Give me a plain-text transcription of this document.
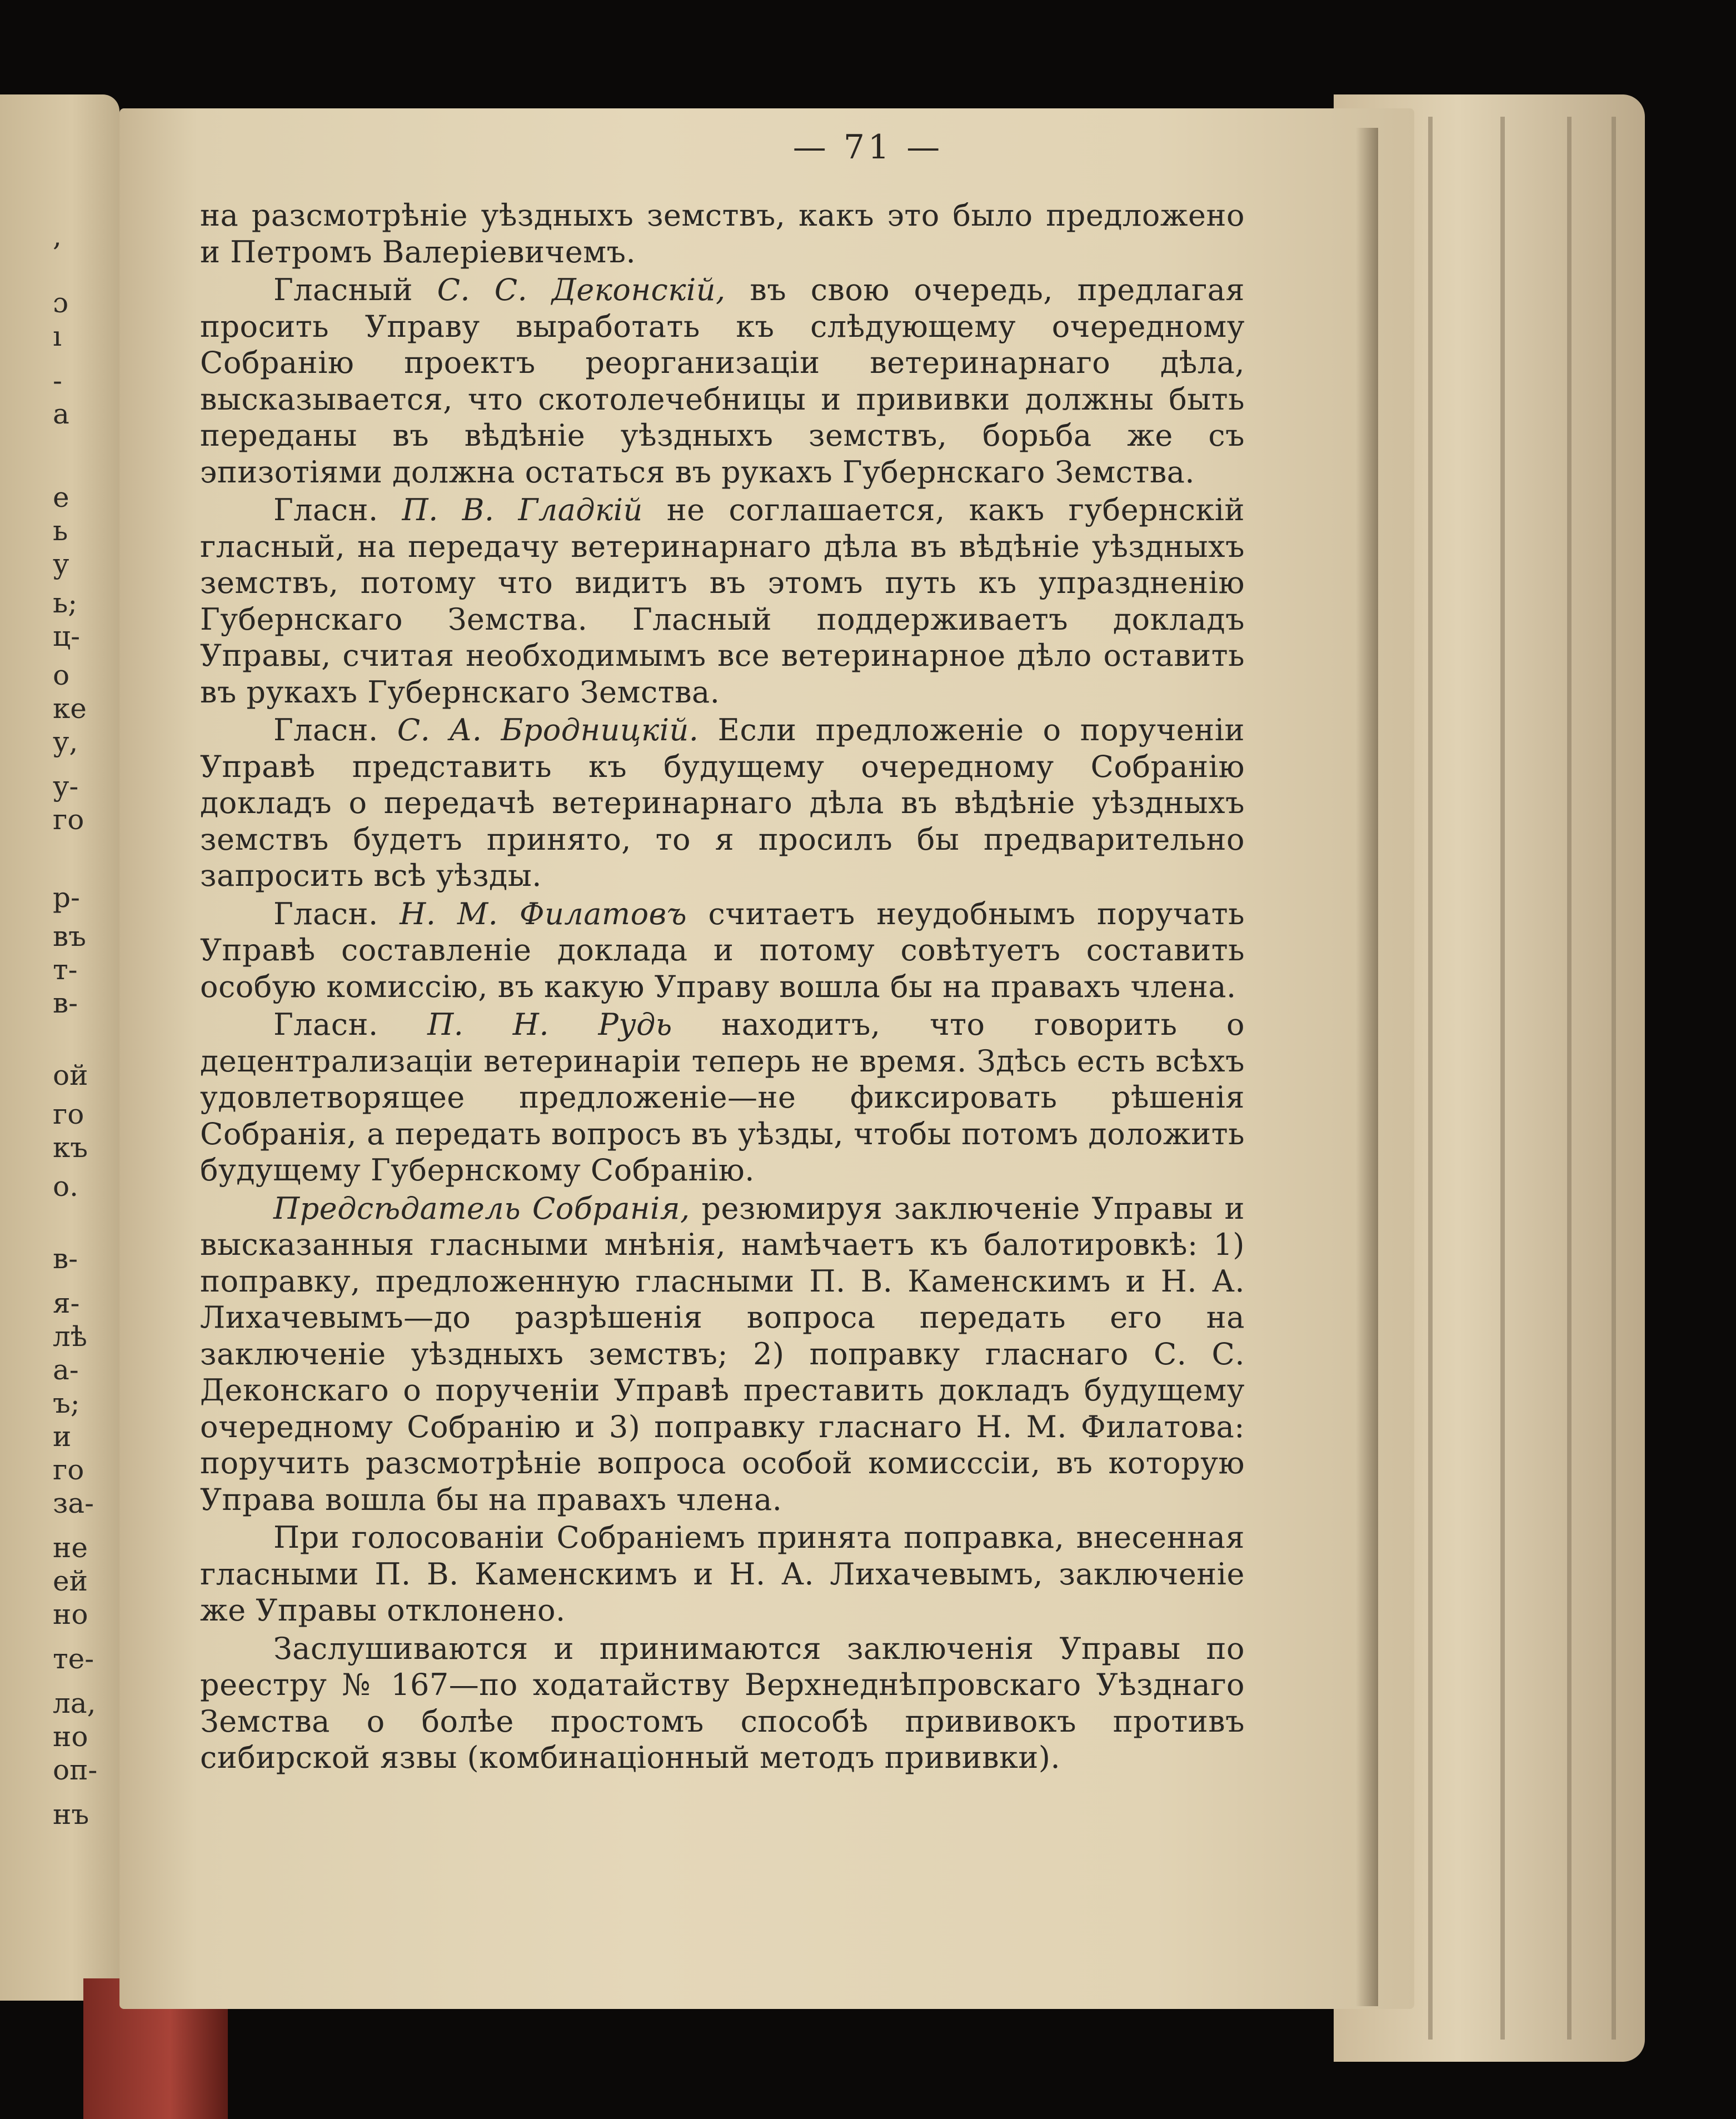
,
ɔ
ı
-
а
е
ь
у
ь;
ц-
о
ке
у,
у-
го
р-
въ
т-
в-
ой
го
къ
о.
в-
я-
лѣ
а-
ъ;
и
го
за-
не
ей
но
те-
ла,
но
оп-
нъ
— 71 —

на разсмотрѣніе уѣздныхъ земствъ, какъ это было предложено и Петромъ Валеріевичемъ.

Гласный С. С. Деконскій, въ свою очередь, предлагая просить Управу выработать къ слѣдующему очередному Собранію проектъ реорганизаціи ветеринарнаго дѣла, высказывается, что скотолечебницы и прививки должны быть переданы въ вѣдѣніе уѣздныхъ земствъ, борьба же съ эпизотіями должна остаться въ рукахъ Губернскаго Земства.

Гласн. П. В. Гладкій не соглашается, какъ губернскій гласный, на передачу ветеринарнаго дѣла въ вѣдѣніе уѣздныхъ земствъ, потому что видитъ въ этомъ путь къ упраздненію Губернскаго Земства. Гласный поддерживаетъ докладъ Управы, считая необходимымъ все ветеринарное дѣло оставить въ рукахъ Губернскаго Земства.

Гласн. С. А. Бродницкій. Если предложеніе о порученіи Управѣ представить къ будущему очередному Собранію докладъ о передачѣ ветеринарнаго дѣла въ вѣдѣніе уѣздныхъ земствъ будетъ принято, то я просилъ бы предварительно запросить всѣ уѣзды.

Гласн. Н. М. Филатовъ считаетъ неудобнымъ поручать Управѣ составленіе доклада и потому совѣтуетъ составить особую комиссію, въ какую Управу вошла бы на правахъ члена.

Гласн. П. Н. Рудь находитъ, что говорить о децентрализаціи ветеринаріи теперь не время. Здѣсь есть всѣхъ удовлетворящее предложеніе—не фиксировать рѣшенія Собранія, а передать вопросъ въ уѣзды, чтобы потомъ доложить будущему Губернскому Собранію.

Предсѣдатель Собранія, резюмируя заключеніе Управы и высказанныя гласными мнѣнія, намѣчаетъ къ балотировкѣ: 1) поправку, предложенную гласными П. В. Каменскимъ и Н. А. Лихачевымъ—до разрѣшенія вопроса передать его на заключеніе уѣздныхъ земствъ; 2) поправку гласнаго С. С. Деконскаго о порученіи Управѣ преставить докладъ будущему очередному Собранію и 3) поправку гласнаго Н. М. Филатова: поручить разсмотрѣніе вопроса особой комисссіи, въ которую Управа вошла бы на правахъ члена.

При голосованіи Собраніемъ принята поправка, внесенная гласными П. В. Каменскимъ и Н. А. Лихачевымъ, заключеніе же Управы отклонено.

Заслушиваются и принимаются заключенія Управы по реестру № 167—по ходатайству Верхнеднѣпровскаго Уѣзднаго Земства о болѣе простомъ способѣ прививокъ противъ сибирской язвы (комбинаціонный методъ прививки).
